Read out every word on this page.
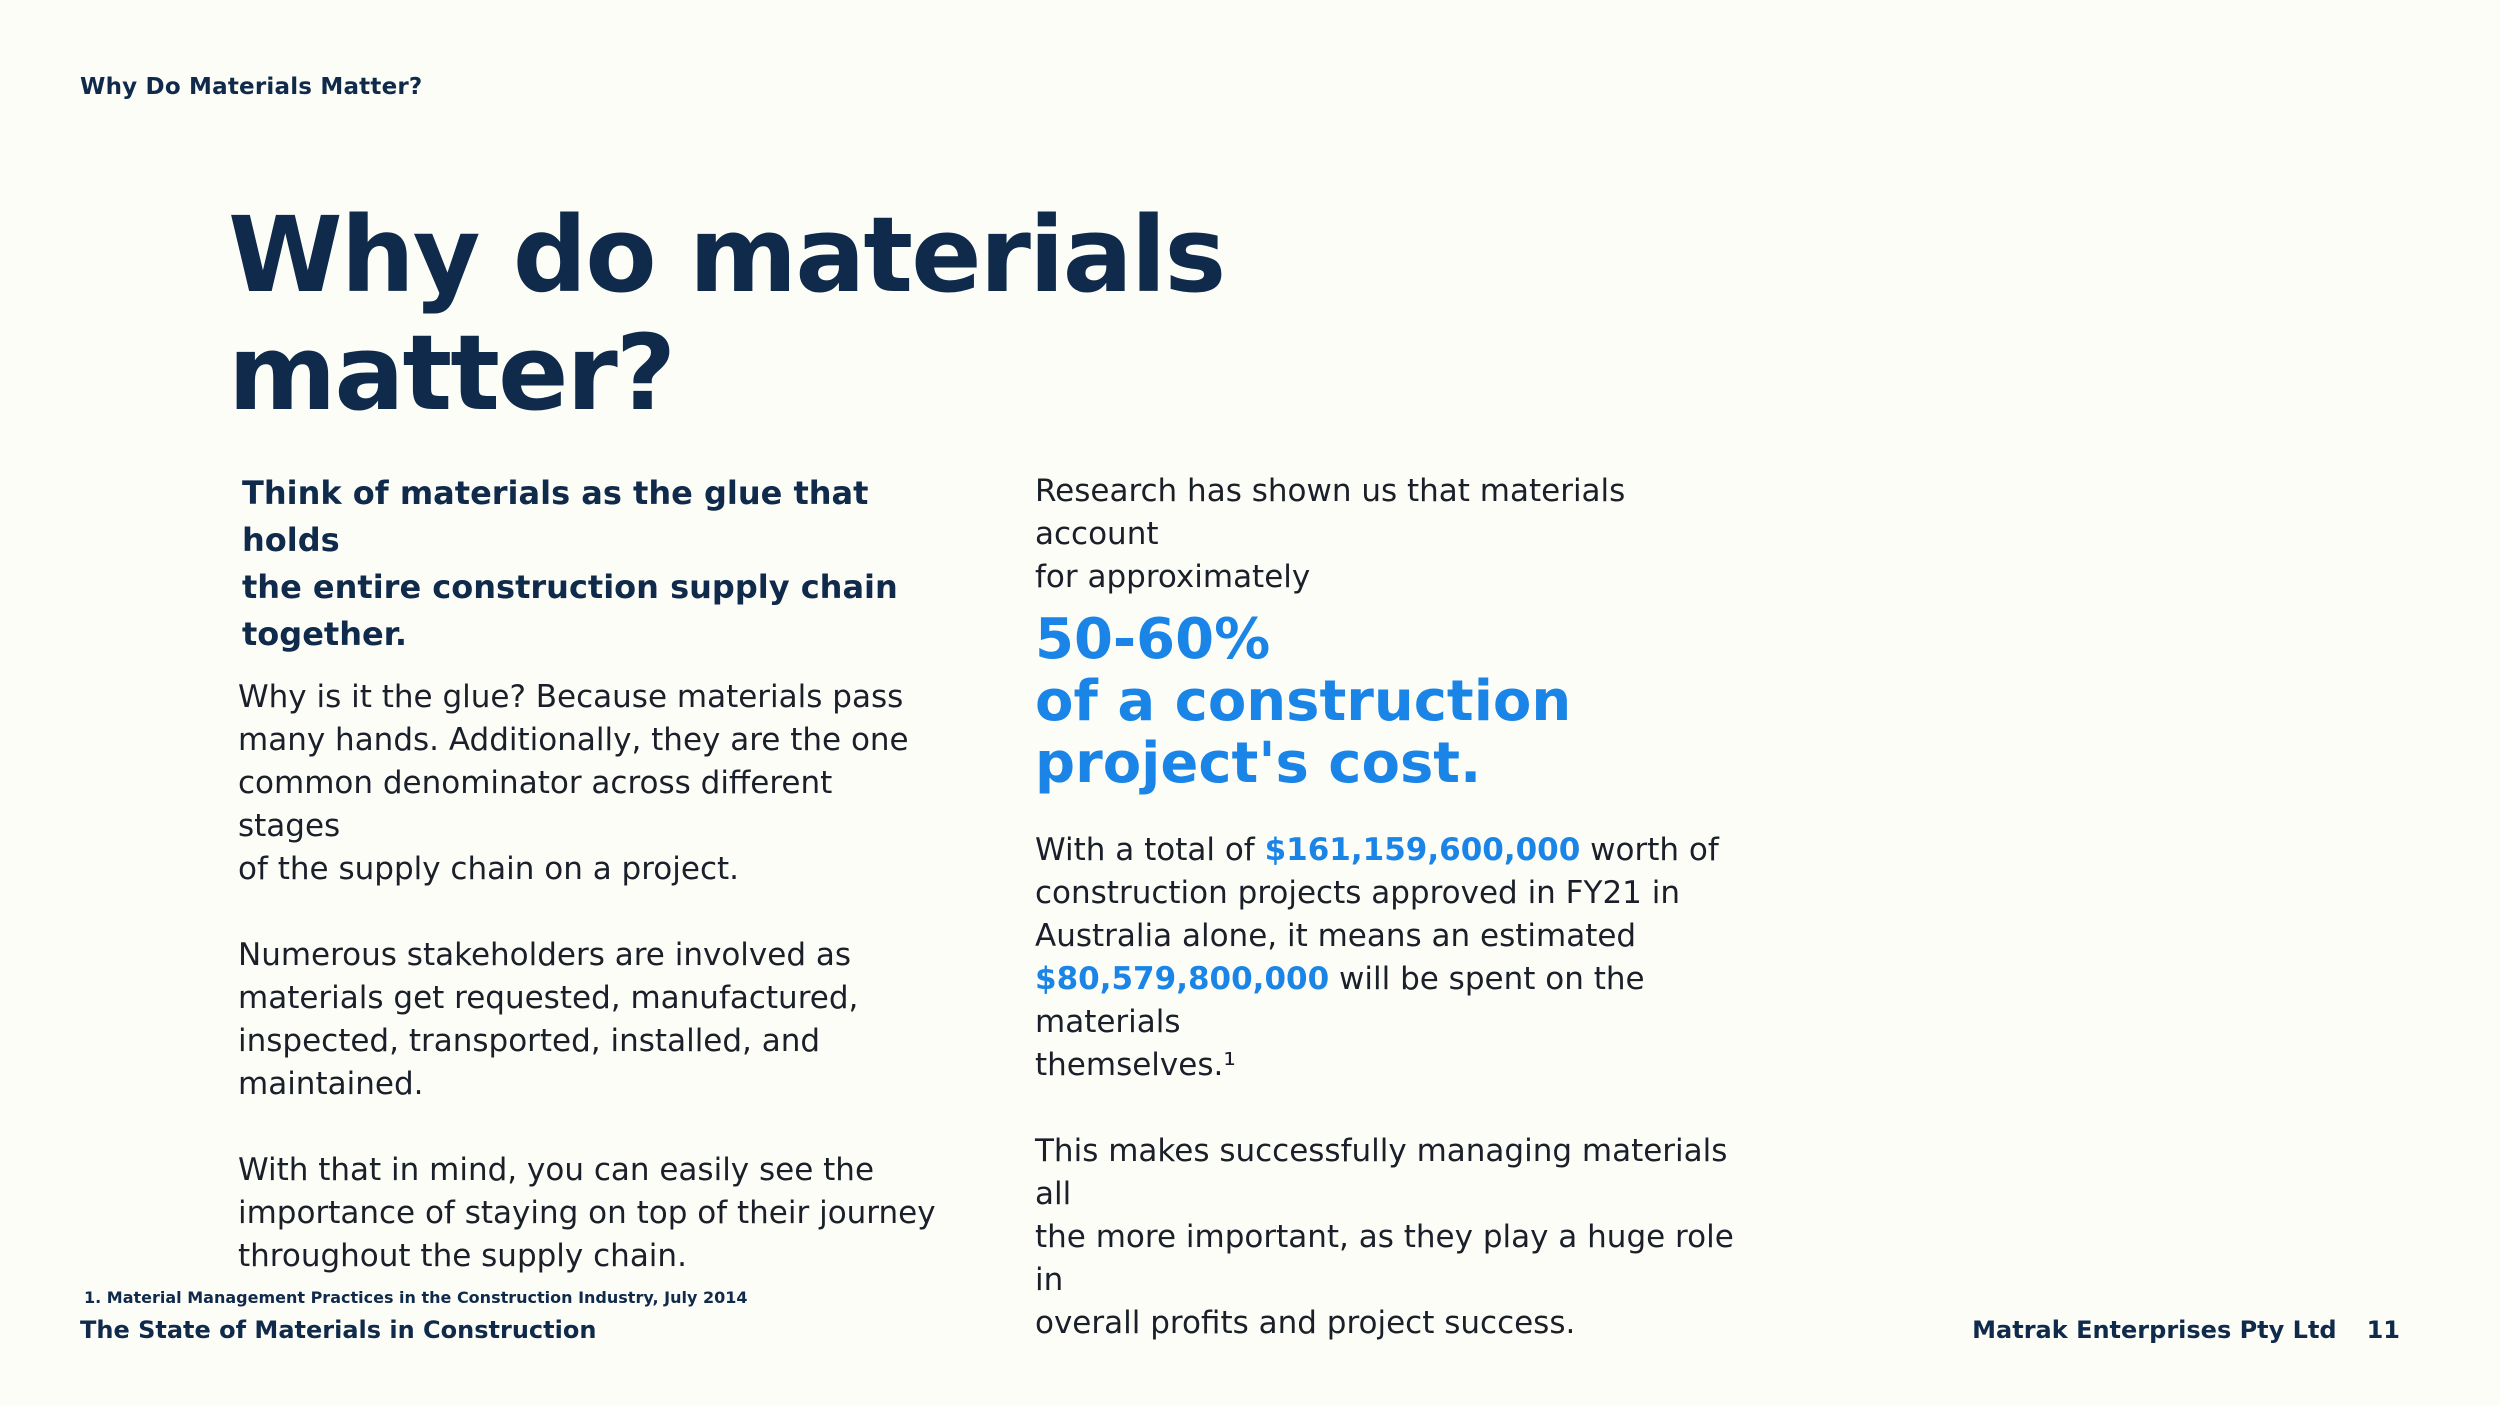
Why Do Materials Matter?
Why do materials
matter?

Think of materials as the glue that holds
the entire construction supply chain
together.

Why is it the glue? Because materials pass
many hands. Additionally, they are the one
common denominator across different stages
of the supply chain on a project.

Numerous stakeholders are involved as
materials get requested, manufactured,
inspected, transported, installed, and
maintained.

With that in mind, you can easily see the
importance of staying on top of their journey
throughout the supply chain.

Research has shown us that materials account
for approximately

50-60%
of a construction
project's cost.

With a total of $161,159,600,000 worth of
construction projects approved in FY21 in
Australia alone, it means an estimated
$80,579,800,000 will be spent on the materials
themselves.¹

This makes successfully managing materials all
the more important, as they play a huge role in
overall profits and project success.

1. Material Management Practices in the Construction Industry, July 2014
The State of Materials in Construction	Matrak Enterprises Pty Ltd 11
